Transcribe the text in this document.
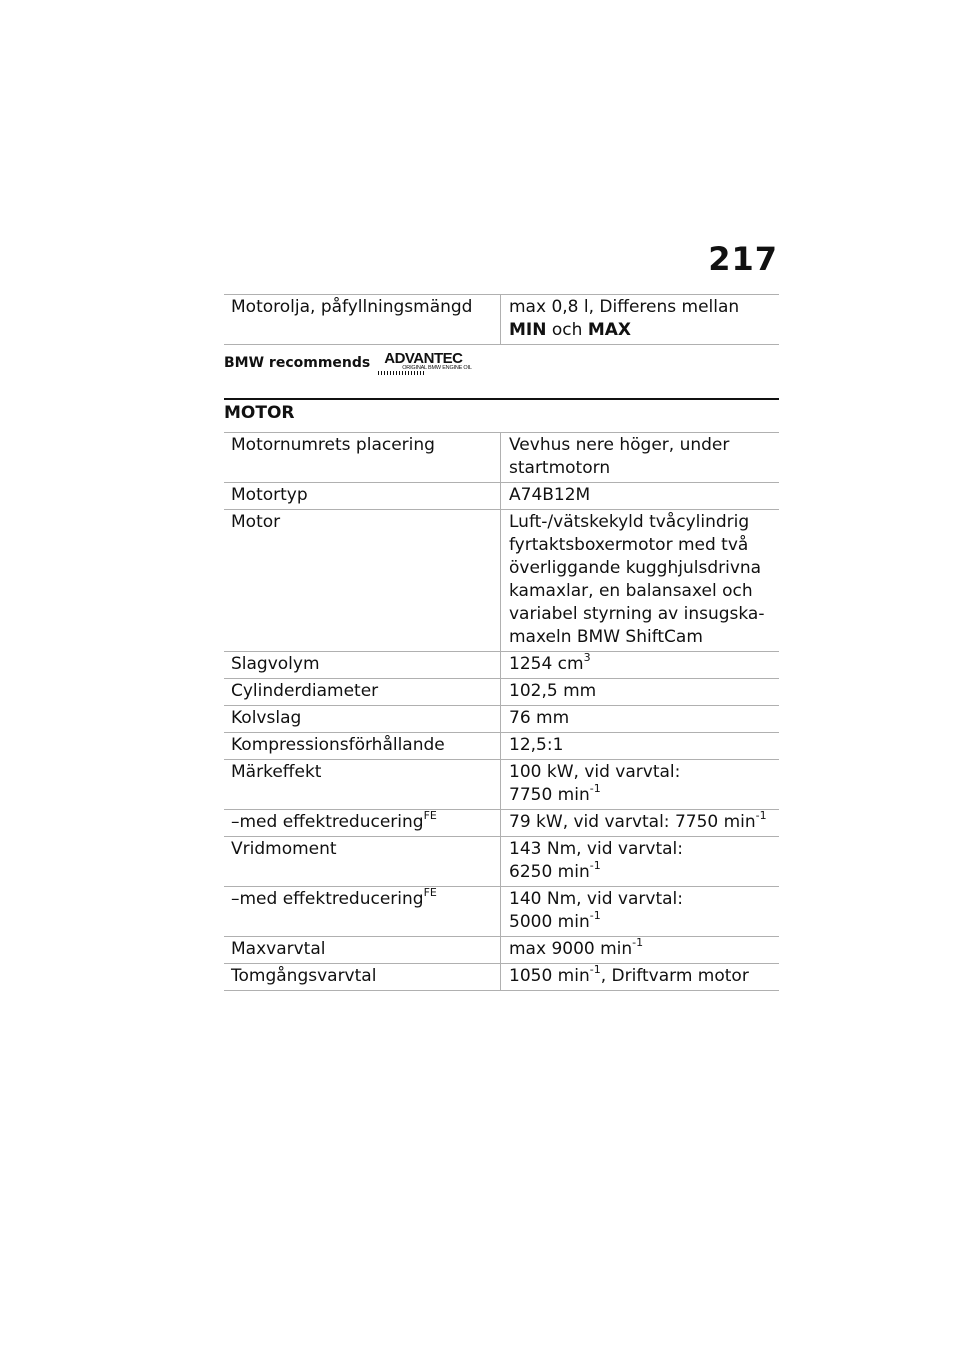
217
Motorolja, påfyllningsmängd	max 0,8 l, Differens mellan
MIN och MAX
BMW recommends ADVANTEC
ORIGINAL BMW ENGINE OIL
MOTOR
Motornumrets placering	Vevhus nere höger, under
startmotorn
Motortyp	A74B12M
Motor	Luft-/vätskekyld tvåcylindrig
fyrtaktsboxermotor med två
överliggande kugghjulsdrivna
kamaxlar, en balansaxel och
variabel styrning av insugska-
maxeln BMW ShiftCam
Slagvolym	1254 $cm^3$
Cylinderdiameter	102,5 mm
Kolvslag	76 mm
Kompressionsförhållande	12,5:1
Märkeffekt	100 kW, vid varvtal:
7750 $\min^{-1}$
–med effektreducering$^{FE}$	79 kW, vid varvtal: 7750 $\min^{-1}$
Vridmoment	143 Nm, vid varvtal:
6250 $\min^{-1}$
–med effektreducering$^{FE}$	140 Nm, vid varvtal:
5000 $\min^{-1}$
Maxvarvtal	max 9000 $\min^{-1}$
Tomgångsvarvtal	1050 $\min^{-1}$, Driftvarm motor
